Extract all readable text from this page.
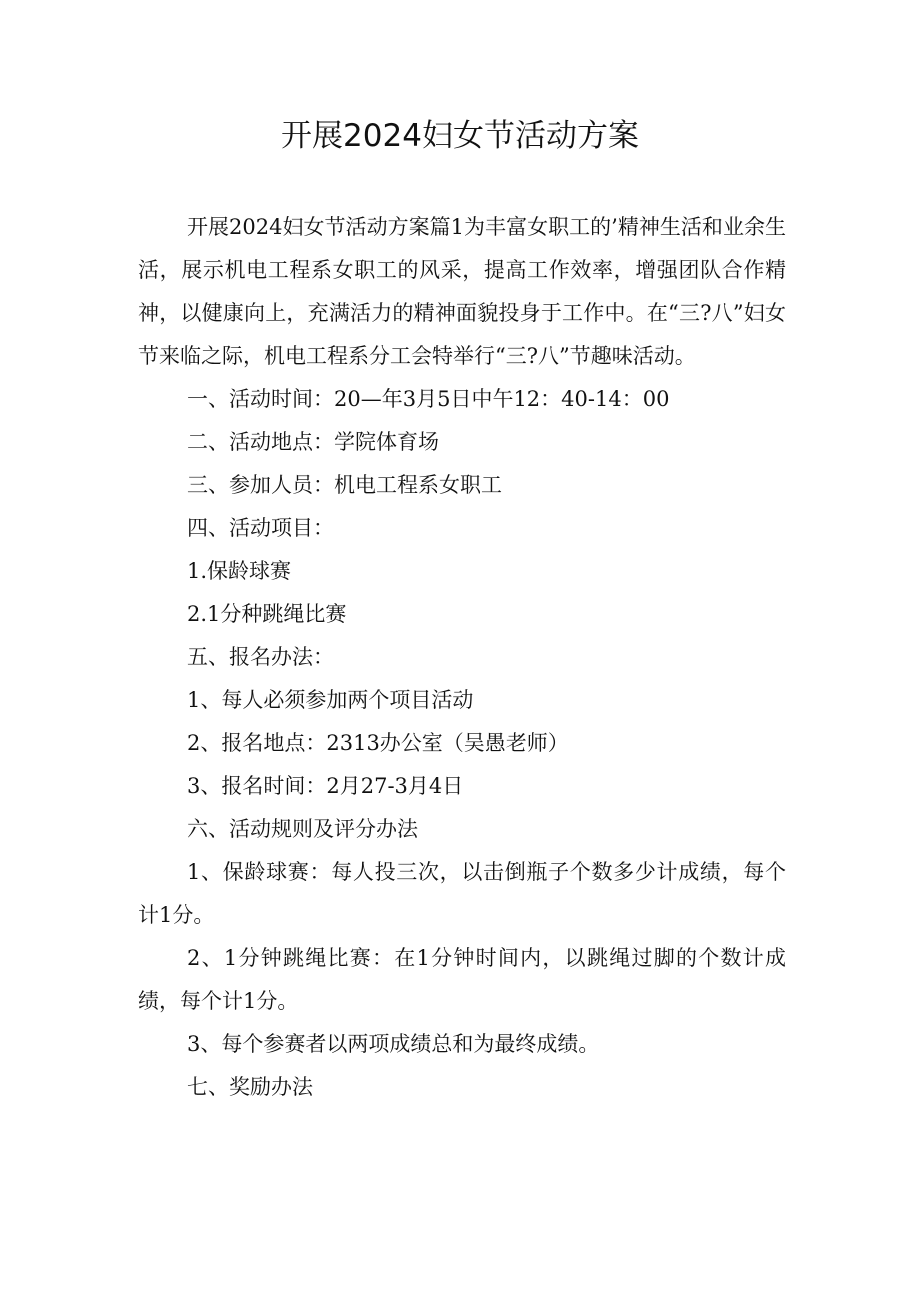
开展2024妇女节活动方案

开展2024妇女节活动方案篇1为丰富女职工的’精神生活和业余生活，展示机电工程系女职工的风采，提高工作效率，增强团队合作精神，以健康向上，充满活力的精神面貌投身于工作中。在“三?八”妇女节来临之际，机电工程系分工会特举行“三?八”节趣味活动。

一、活动时间：20—年3月5日中午12：40-14：00

二、活动地点：学院体育场

三、参加人员：机电工程系女职工

四、活动项目：

1.保龄球赛

2.1分种跳绳比赛

五、报名办法：

1、每人必须参加两个项目活动

2、报名地点：2313办公室（吴愚老师）

3、报名时间：2月27-3月4日

六、活动规则及评分办法

1、保龄球赛：每人投三次，以击倒瓶子个数多少计成绩，每个计1分。

2、1分钟跳绳比赛：在1分钟时间内，以跳绳过脚的个数计成绩，每个计1分。

3、每个参赛者以两项成绩总和为最终成绩。

七、奖励办法
